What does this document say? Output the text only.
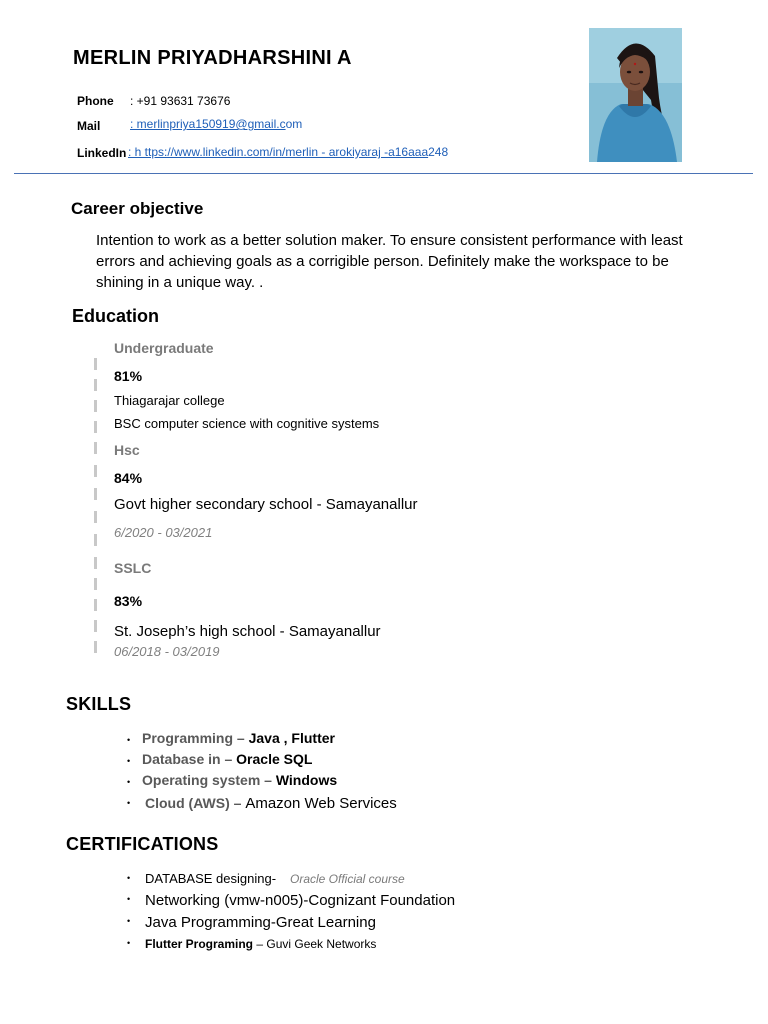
MERLIN PRIYADHARSHINI A
Phone : +91 93631 73676
Mail : merlinpriya150919@gmail.com
LinkedIn : h ttps://www.linkedin.com/in/merlin - arokiyaraj -a16aaa248
Career objective
Intention to work as a better solution maker. To ensure consistent performance with least errors and achieving goals as a corrigible person. Definitely make the workspace to be shining in a unique way. .
Education
Undergraduate
81%
Thiagarajar college
BSC computer science with cognitive systems
Hsc
84%
Govt higher secondary school - Samayanallur
6/2020 - 03/2021
SSLC
83%
St. Joseph’s high school - Samayanallur
06/2018 - 03/2019
SKILLS
• Programming – Java , Flutter
• Database in – Oracle SQL
• Operating system – Windows
• Cloud (AWS) – Amazon Web Services
CERTIFICATIONS
• DATABASE designing- Oracle Official course
• Networking (vmw-n005)-Cognizant Foundation
• Java Programming-Great Learning
• Flutter Programing – Guvi Geek Networks
